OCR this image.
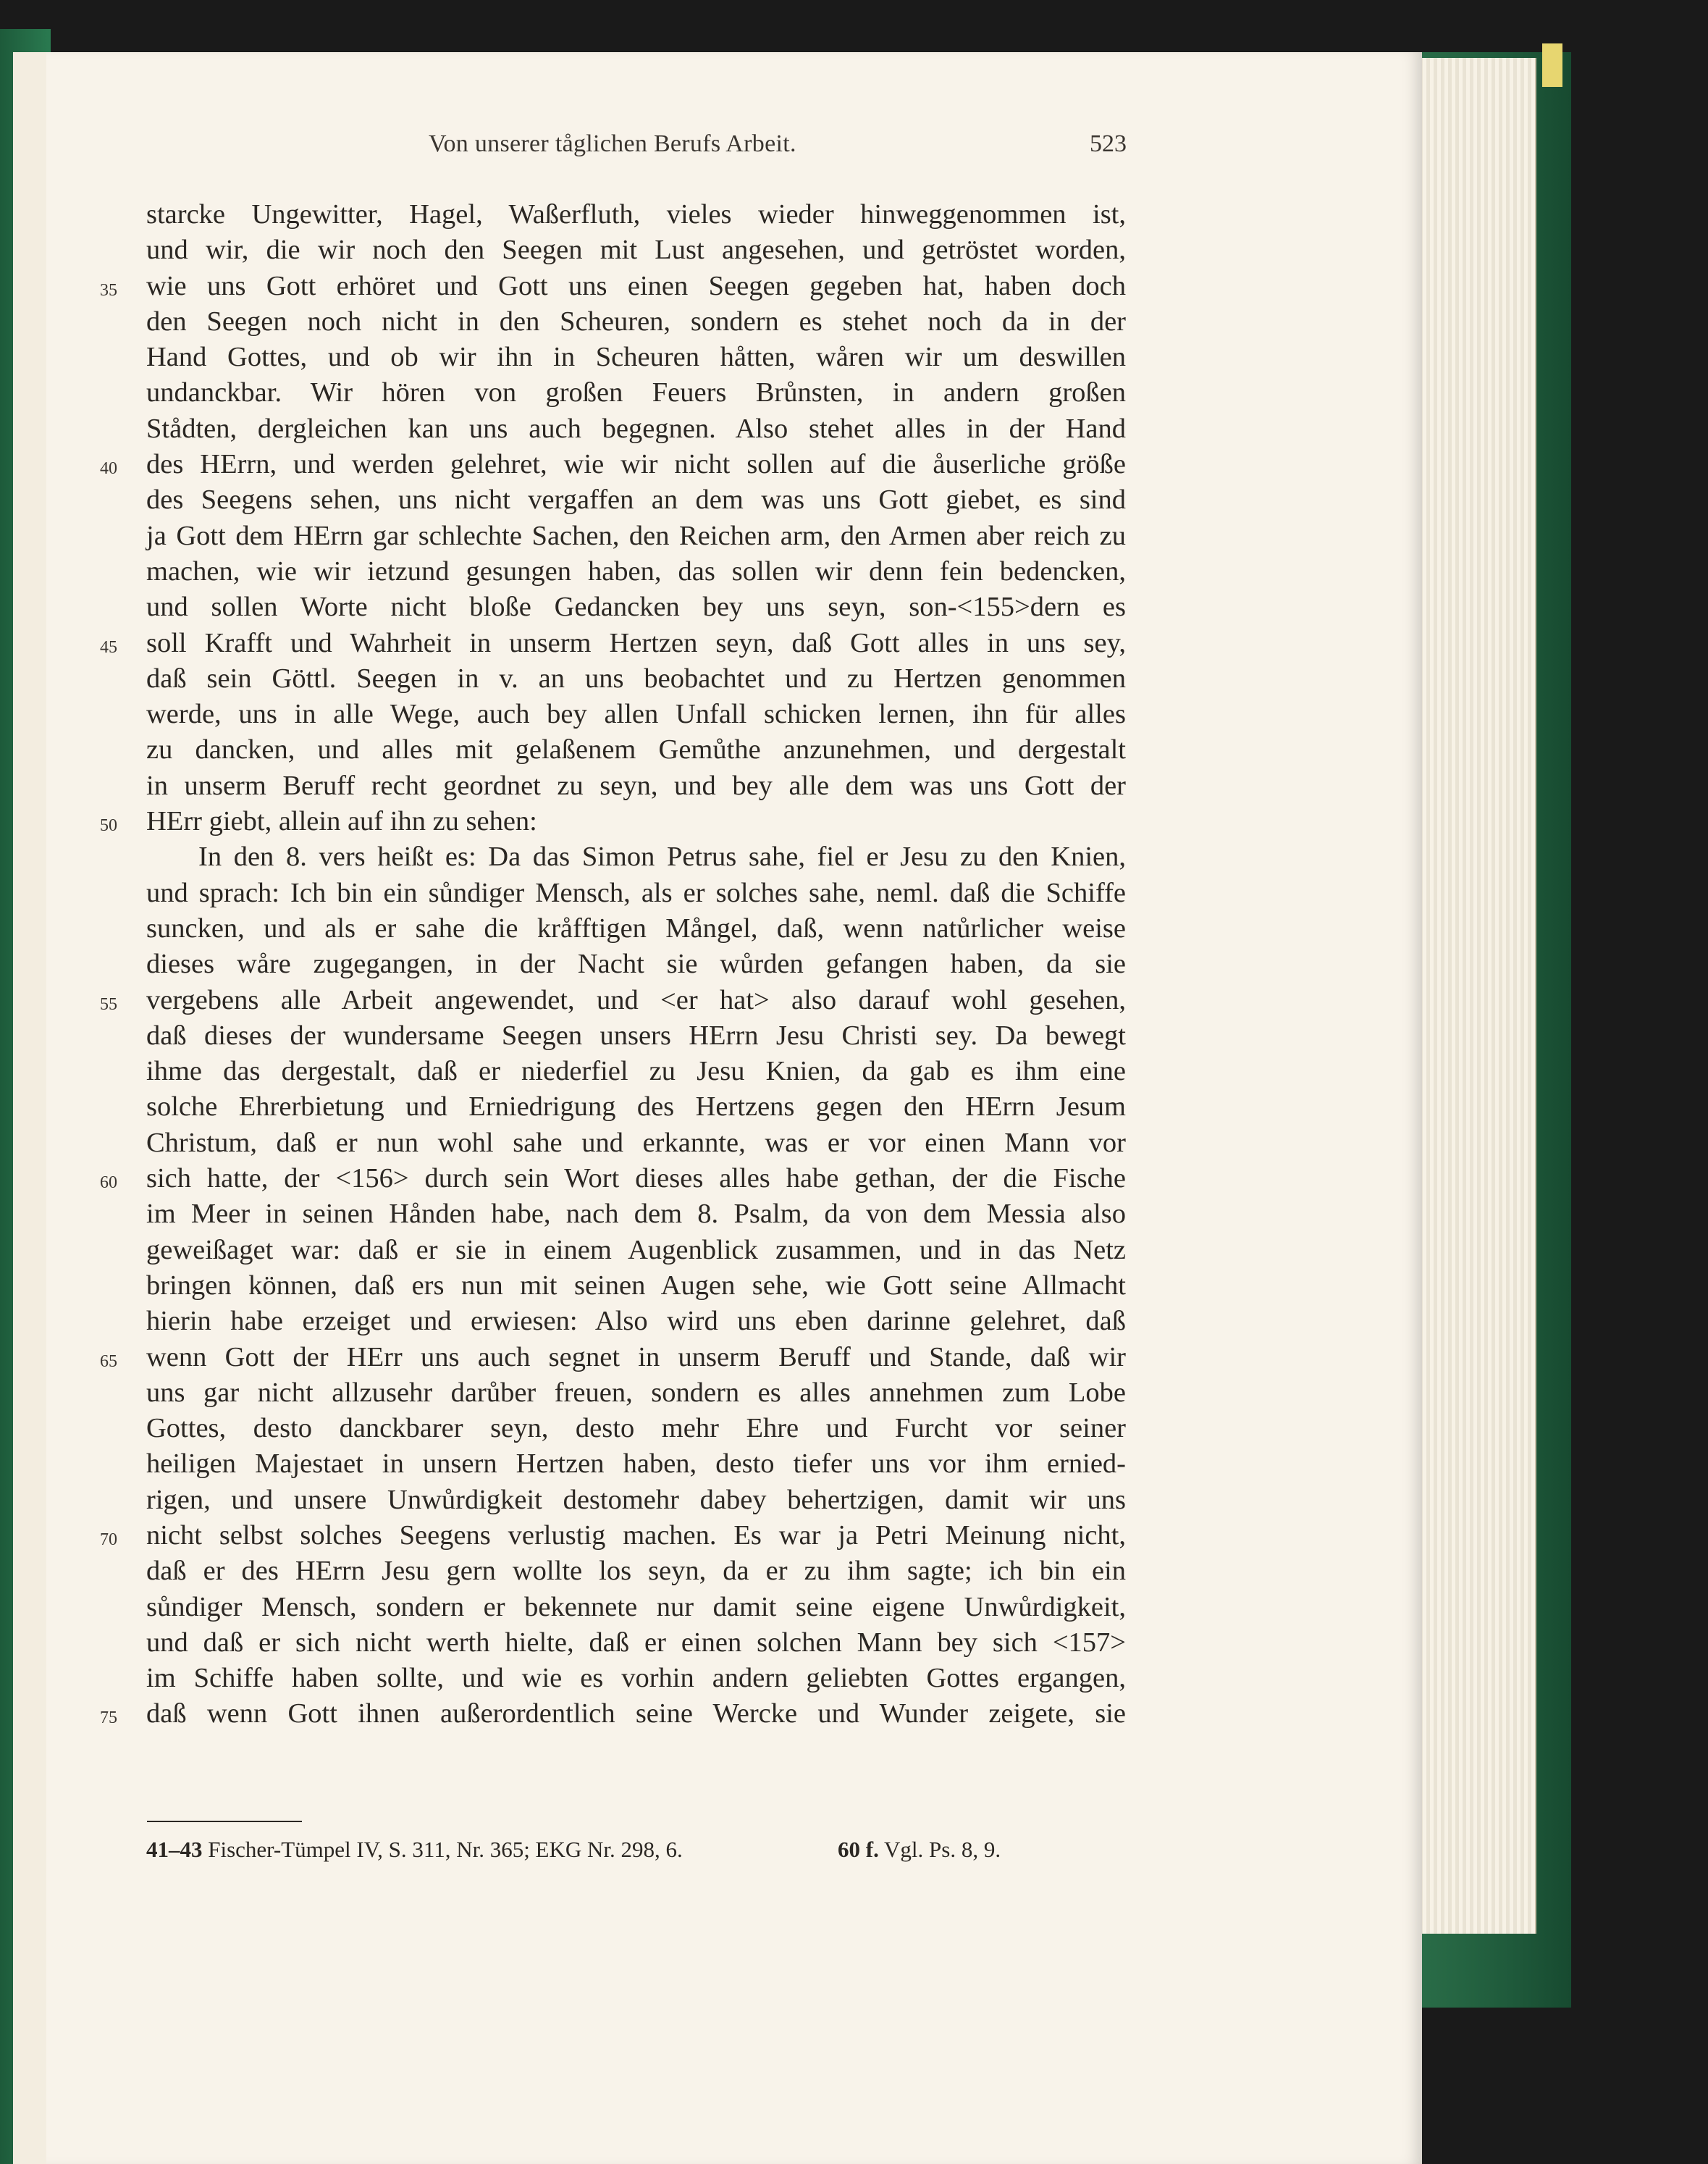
Von unserer tåglichen Berufs Arbeit.	523
starcke Ungewitter, Hagel, Waßerfluth, vieles wieder hinweggenommen ist,
und wir, die wir noch den Seegen mit Lust angesehen, und getröstet worden,
35 wie uns Gott erhöret und Gott uns einen Seegen gegeben hat, haben doch
den Seegen noch nicht in den Scheuren, sondern es stehet noch da in der
Hand Gottes, und ob wir ihn in Scheuren håtten, wåren wir um deswillen
undanckbar. Wir hören von großen Feuers Brůnsten, in andern großen
Stådten, dergleichen kan uns auch begegnen. Also stehet alles in der Hand
40 des HErrn, und werden gelehret, wie wir nicht sollen auf die åuserliche größe
des Seegens sehen, uns nicht vergaffen an dem was uns Gott giebet, es sind
ja Gott dem HErrn gar schlechte Sachen, den Reichen arm, den Armen aber reich zu
machen, wie wir ietzund gesungen haben, das sollen wir denn fein bedencken,
und sollen Worte nicht bloße Gedancken bey uns seyn, son-<155>dern es
45 soll Krafft und Wahrheit in unserm Hertzen seyn, daß Gott alles in uns sey,
daß sein Göttl. Seegen in v. an uns beobachtet und zu Hertzen genommen
werde, uns in alle Wege, auch bey allen Unfall schicken lernen, ihn für alles
zu dancken, und alles mit gelaßenem Gemůthe anzunehmen, und dergestalt
in unserm Beruff recht geordnet zu seyn, und bey alle dem was uns Gott der
50 HErr giebt, allein auf ihn zu sehen:
In den 8. vers heißt es: Da das Simon Petrus sahe, fiel er Jesu zu den Knien,
und sprach: Ich bin ein sůndiger Mensch, als er solches sahe, neml. daß die Schiffe
suncken, und als er sahe die kråfftigen Mångel, daß, wenn natůrlicher weise
dieses wåre zugegangen, in der Nacht sie wůrden gefangen haben, da sie
55 vergebens alle Arbeit angewendet, und <er hat> also darauf wohl gesehen,
daß dieses der wundersame Seegen unsers HErrn Jesu Christi sey. Da bewegt
ihme das dergestalt, daß er niederfiel zu Jesu Knien, da gab es ihm eine
solche Ehrerbietung und Erniedrigung des Hertzens gegen den HErrn Jesum
Christum, daß er nun wohl sahe und erkannte, was er vor einen Mann vor
60 sich hatte, der <156> durch sein Wort dieses alles habe gethan, der die Fische
im Meer in seinen Hånden habe, nach dem 8. Psalm, da von dem Messia also
geweißaget war: daß er sie in einem Augenblick zusammen, und in das Netz
bringen können, daß ers nun mit seinen Augen sehe, wie Gott seine Allmacht
hierin habe erzeiget und erwiesen: Also wird uns eben darinne gelehret, daß
65 wenn Gott der HErr uns auch segnet in unserm Beruff und Stande, daß wir
uns gar nicht allzusehr darůber freuen, sondern es alles annehmen zum Lobe
Gottes, desto danckbarer seyn, desto mehr Ehre und Furcht vor seiner
heiligen Majestaet in unsern Hertzen haben, desto tiefer uns vor ihm ernied-
rigen, und unsere Unwůrdigkeit destomehr dabey behertzigen, damit wir uns
70 nicht selbst solches Seegens verlustig machen. Es war ja Petri Meinung nicht,
daß er des HErrn Jesu gern wollte los seyn, da er zu ihm sagte; ich bin ein
sůndiger Mensch, sondern er bekennete nur damit seine eigene Unwůrdigkeit,
und daß er sich nicht werth hielte, daß er einen solchen Mann bey sich <157>
im Schiffe haben sollte, und wie es vorhin andern geliebten Gottes ergangen,
75 daß wenn Gott ihnen außerordentlich seine Wercke und Wunder zeigete, sie
41–43 Fischer-Tümpel IV, S. 311, Nr. 365; EKG Nr. 298, 6.	60 f. Vgl. Ps. 8, 9.
